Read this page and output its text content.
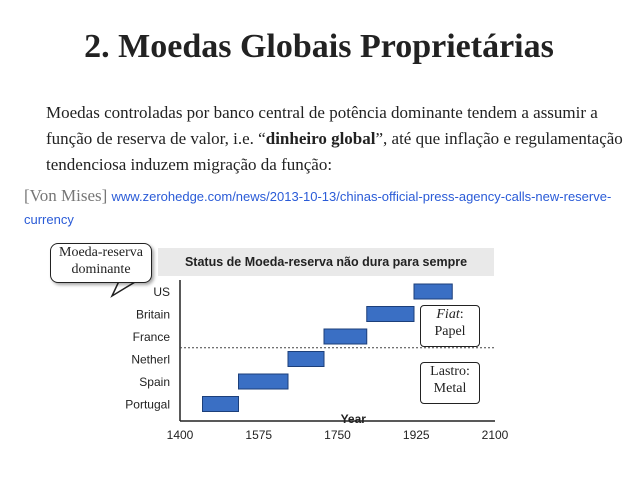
2. Moedas Globais Proprietárias
Moedas controladas por banco central de potência dominante tendem a assumir a função de reserva de valor, i.e. “dinheiro global”, até que inflação e regulamentação tendenciosa induzem migração da função:
[Von Mises] www.zerohedge.com/news/2013-10-13/chinas-official-press-agency-calls-new-reserve-currency
Status de Moeda-reserva não dura para sempre
Portugal
Spain
Netherl
France
Britain
US
1400	1575	1750	1925	2100
Year
Moeda-reserva
dominante
Fiat:
Papel
Lastro:
Metal
